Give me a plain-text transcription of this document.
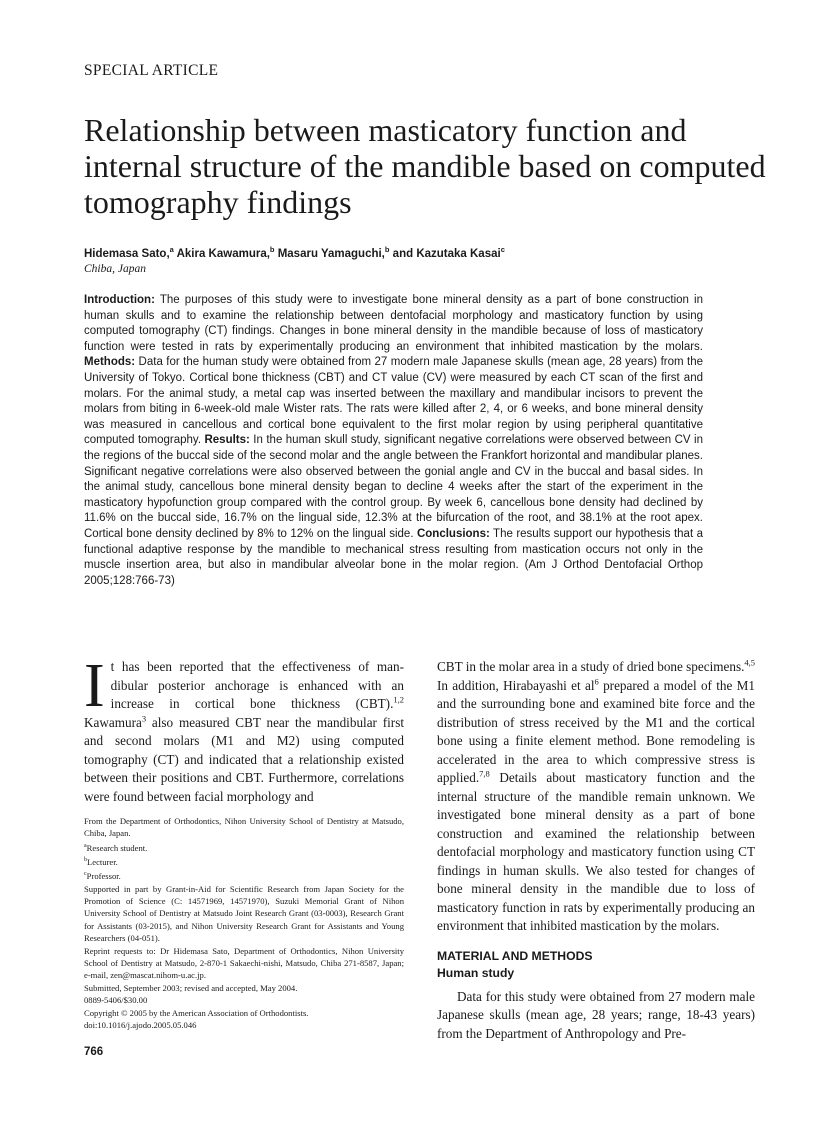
SPECIAL ARTICLE
Relationship between masticatory function and internal structure of the mandible based on computed tomography findings
Hidemasa Sato,$^a$ Akira Kawamura,$^b$ Masaru Yamaguchi,$^b$ and Kazutaka Kasai$^c$
Chiba, Japan

Introduction: The purposes of this study were to investigate bone mineral density as a part of bone construction in human skulls and to examine the relationship between dentofacial morphology and masticatory function by using computed tomography (CT) findings. Changes in bone mineral density in the mandible because of loss of masticatory function were tested in rats by experimentally producing an environment that inhibited mastication by the molars. Methods: Data for the human study were obtained from 27 modern male Japanese skulls (mean age, 28 years) from the University of Tokyo. Cortical bone thickness (CBT) and CT value (CV) were measured by each CT scan of the first and molars. For the animal study, a metal cap was inserted between the maxillary and mandibular incisors to prevent the molars from biting in 6-week-old male Wister rats. The rats were killed after 2, 4, or 6 weeks, and bone mineral density was measured in cancellous and cortical bone equivalent to the first molar region by using peripheral quantitative computed tomography. Results: In the human skull study, significant negative correlations were observed between CV in the regions of the buccal side of the second molar and the angle between the Frankfort horizontal and mandibular planes. Significant negative correlations were also observed between the gonial angle and CV in the buccal and basal sides. In the animal study, cancellous bone mineral density began to decline 4 weeks after the start of the experiment in the masticatory hypofunction group compared with the control group. By week 6, cancellous bone density had declined by 11.6% on the buccal side, 16.7% on the lingual side, 12.3% at the bifurcation of the root, and 38.1% at the root apex. Cortical bone density declined by 8% to 12% on the lingual side. Conclusions: The results support our hypothesis that a functional adaptive response by the mandible to mechanical stress resulting from mastication occurs not only in the muscle insertion area, but also in mandibular alveolar bone in the molar region. (Am J Orthod Dentofacial Orthop 2005;128:766-73)

It has been reported that the effectiveness of man-dibular posterior anchorage is enhanced with an increase in cortical bone thickness (CBT).$^{1,2}$ Kawamura$^3$ also measured CBT near the mandibular first and second molars (M1 and M2) using computed tomography (CT) and indicated that a relationship existed between their positions and CBT. Furthermore, correlations were found between facial morphology and

From the Department of Orthodontics, Nihon University School of Dentistry at Matsudo, Chiba, Japan.
$^a$Research student.
$^b$Lecturer.
$^c$Professor.
Supported in part by Grant-in-Aid for Scientific Research from Japan Society for the Promotion of Science (C: 14571969, 14571970), Suzuki Memorial Grant of Nihon University School of Dentistry at Matsudo Joint Research Grant (03-0003), Research Grant for Assistants (03-2015), and Nihon University Research Grant for Assistants and Young Researchers (04-051).
Reprint requests to: Dr Hidemasa Sato, Department of Orthodontics, Nihon University School of Dentistry at Matsudo, 2-870-1 Sakaechi-nishi, Matsudo, Chiba 271-8587, Japan; e-mail, zen@mascat.nihom-u.ac.jp.
Submitted, September 2003; revised and accepted, May 2004.
0889-5406/$30.00
Copyright © 2005 by the American Association of Orthodontists.
doi:10.1016/j.ajodo.2005.05.046

CBT in the molar area in a study of dried bone specimens.$^{4,5}$ In addition, Hirabayashi et al$^6$ prepared a model of the M1 and the surrounding bone and examined bite force and the distribution of stress received by the M1 and the cortical bone using a finite element method. Bone remodeling is accelerated in the area to which compressive stress is applied.$^{7,8}$ Details about masticatory function and the internal structure of the mandible remain unknown. We investigated bone mineral density as a part of bone construction and examined the relationship between dentofacial morphology and masticatory function using CT findings in human skulls. We also tested for changes of bone mineral density in the mandible due to loss of masticatory function in rats by experimentally producing an environment that inhibited mastication by the molars.

MATERIAL AND METHODS
Human study

Data for this study were obtained from 27 modern male Japanese skulls (mean age, 28 years; range, 18-43 years) from the Department of Anthropology and Pre-

766
